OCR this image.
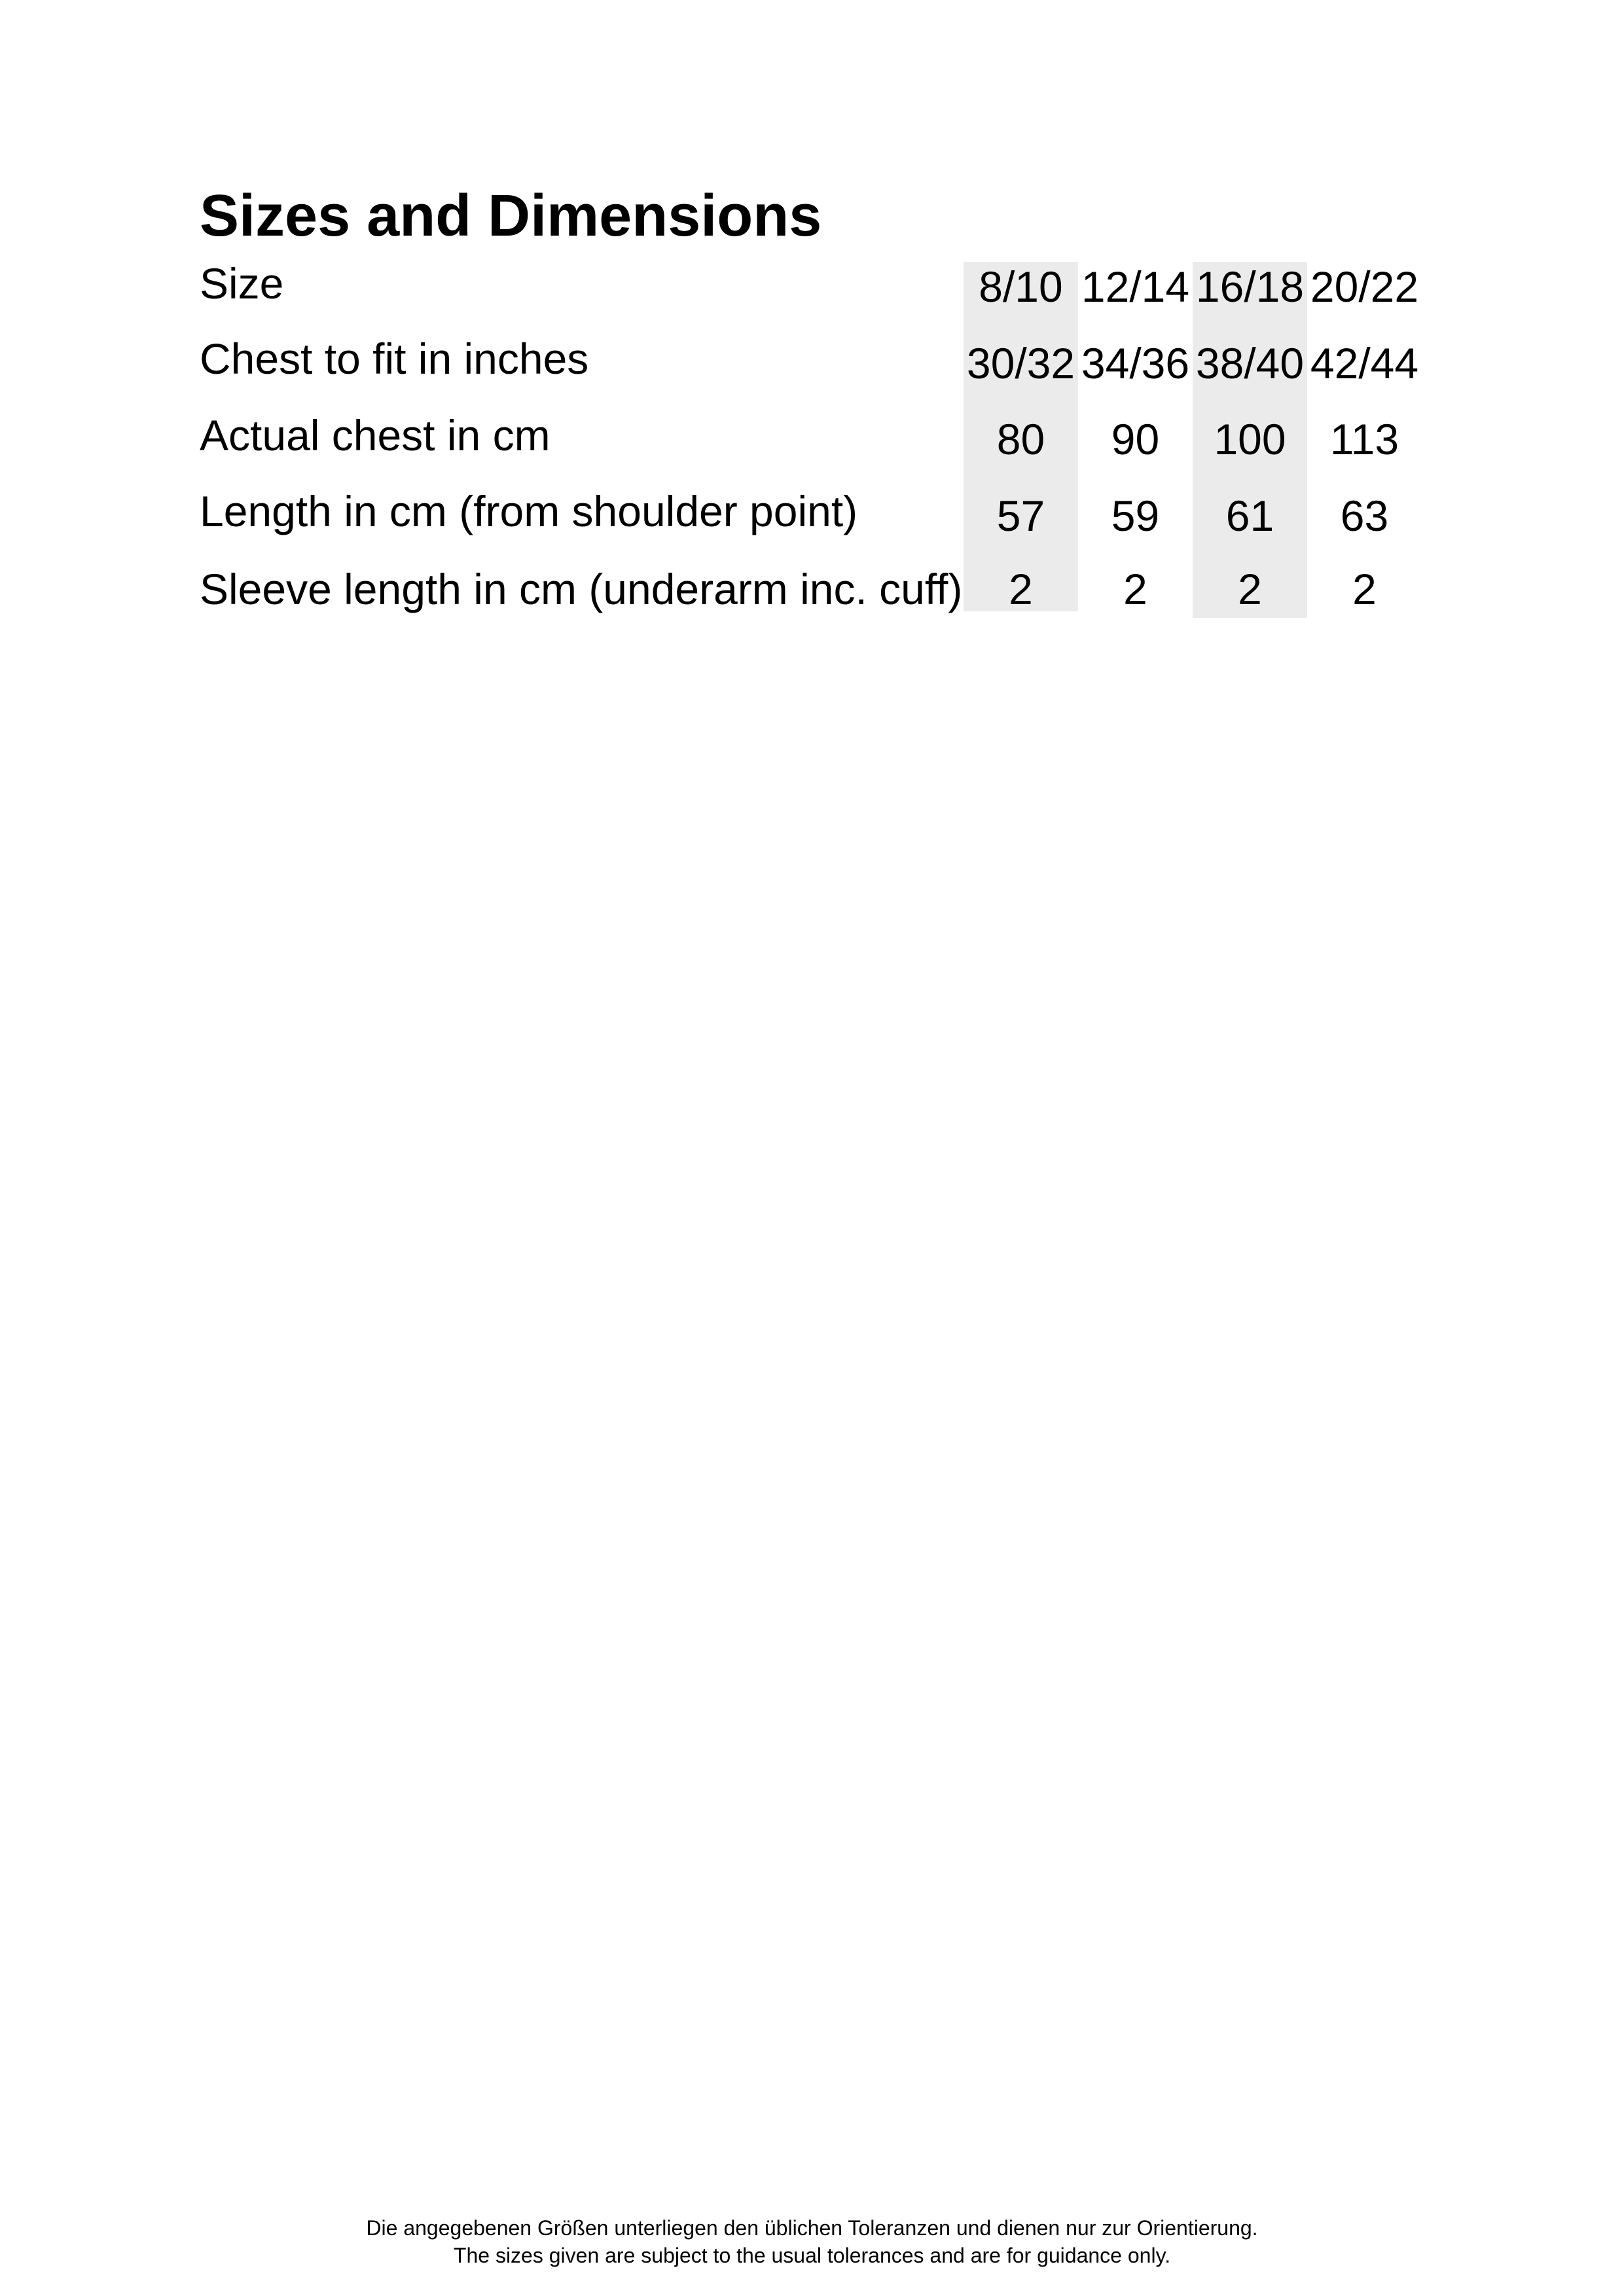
Sizes and Dimensions
Size	8/10 12/14 16/18 20/22
Chest to fit in inches	30/32 34/36 38/40 42/44
Actual chest in cm	80	90	100	113
Length in cm (from shoulder point)	57	59	61	63
Sleeve length in cm (underarm inc. cuff)	2	2	2	2
Die angegebenen Größen unterliegen den üblichen Toleranzen und dienen nur zur Orientierung.
The sizes given are subject to the usual tolerances and are for guidance only.
